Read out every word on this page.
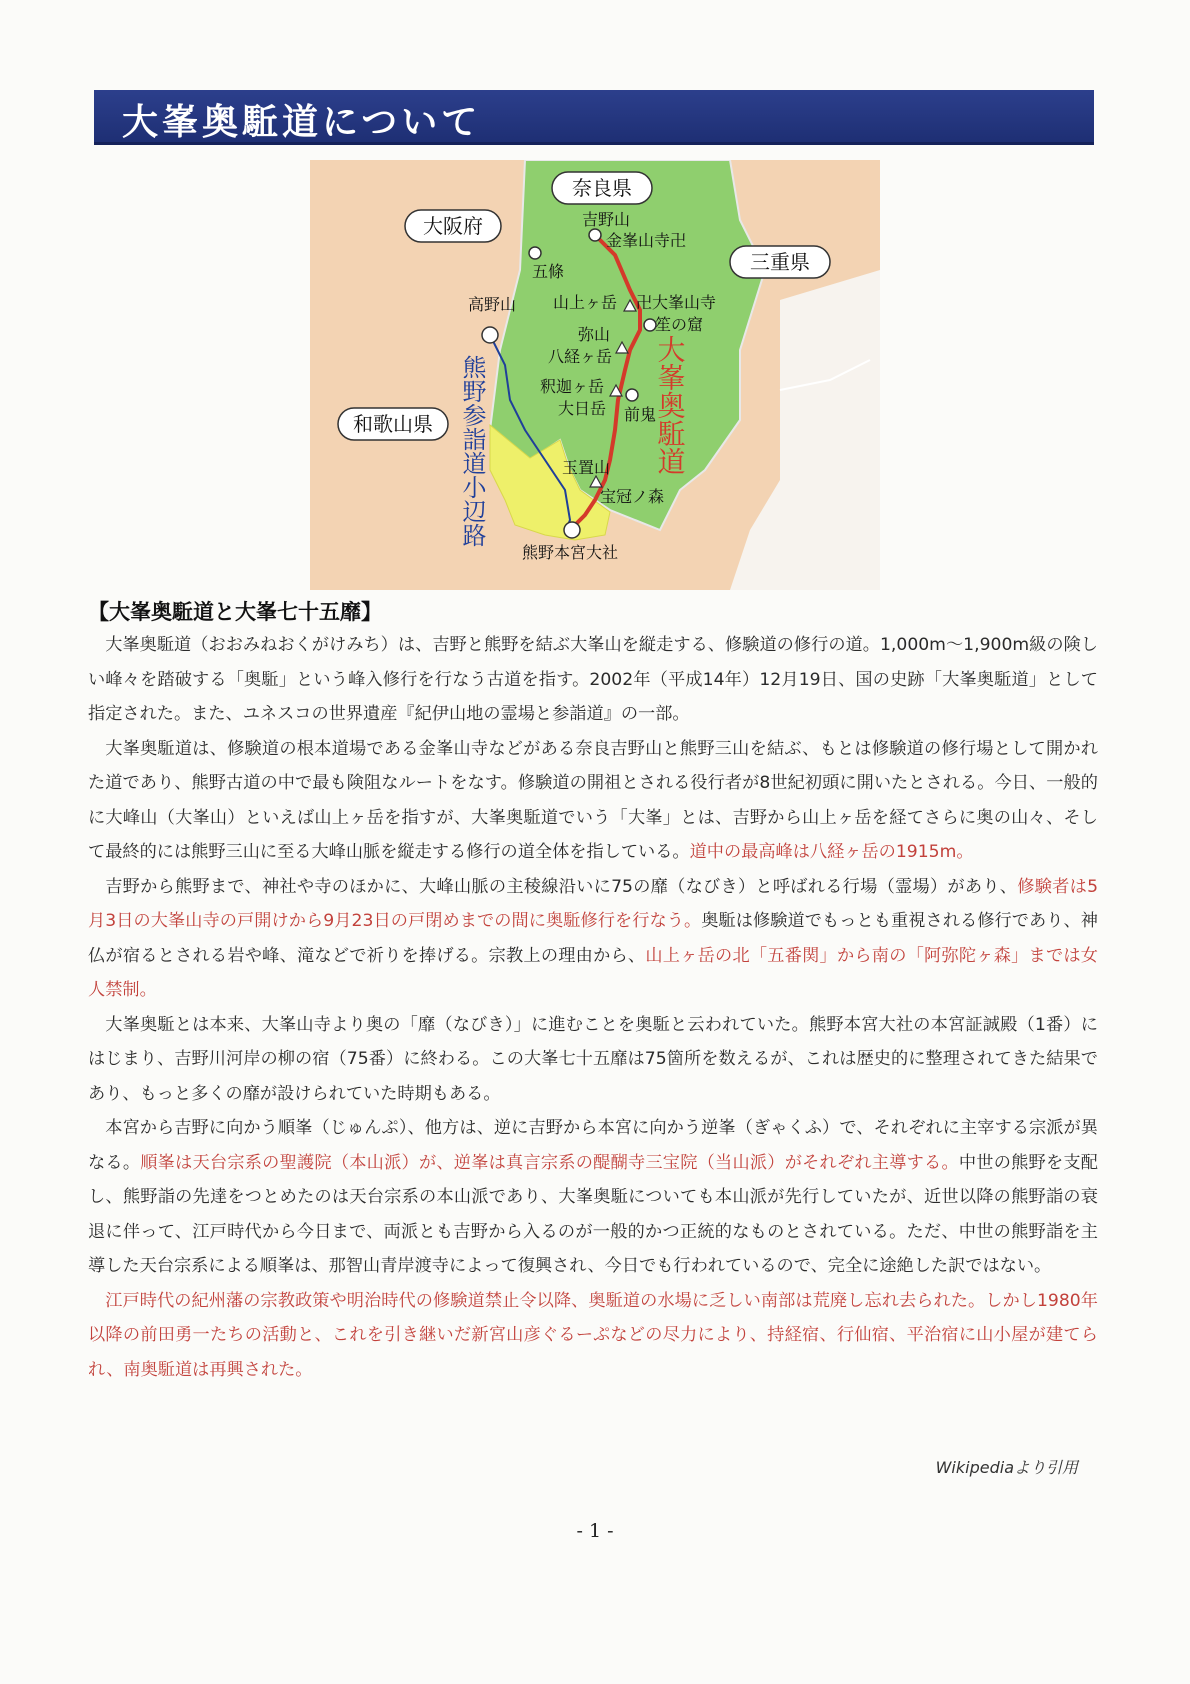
大峯奥駈道について
奈良県
大阪府
三重県
和歌山県
吉野山
金峯山寺卍
五條
山上ヶ岳 卍大峯山寺
笙の窟
高野山
弥山
八経ヶ岳
釈迦ヶ岳
大日岳 前鬼
玉置山
宝冠ノ森
熊野本宮大社
大峯奥駈道
熊野参詣道小辺路
【大峯奥駈道と大峯七十五靡】

大峯奥駈道（おおみねおくがけみち）は、吉野と熊野を結ぶ大峯山を縦走する、修験道の修行の道。1,000m～1,900m級の険しい峰々を踏破する「奥駈」という峰入修行を行なう古道を指す。2002年（平成14年）12月19日、国の史跡「大峯奥駈道」として指定された。また、ユネスコの世界遺産『紀伊山地の霊場と参詣道』の一部。

大峯奥駈道は、修験道の根本道場である金峯山寺などがある奈良吉野山と熊野三山を結ぶ、もとは修験道の修行場として開かれた道であり、熊野古道の中で最も険阻なルートをなす。修験道の開祖とされる役行者が8世紀初頭に開いたとされる。今日、一般的に大峰山（大峯山）といえば山上ヶ岳を指すが、大峯奥駈道でいう「大峯」とは、吉野から山上ヶ岳を経てさらに奥の山々、そして最終的には熊野三山に至る大峰山脈を縦走する修行の道全体を指している。道中の最高峰は八経ヶ岳の1915m。

吉野から熊野まで、神社や寺のほかに、大峰山脈の主稜線沿いに75の靡（なびき）と呼ばれる行場（霊場）があり、修験者は5月3日の大峯山寺の戸開けから9月23日の戸閉めまでの間に奥駈修行を行なう。奥駈は修験道でもっとも重視される修行であり、神仏が宿るとされる岩や峰、滝などで祈りを捧げる。宗教上の理由から、山上ヶ岳の北「五番関」から南の「阿弥陀ヶ森」までは女人禁制。

大峯奥駈とは本来、大峯山寺より奥の「靡（なびき）」に進むことを奥駈と云われていた。熊野本宮大社の本宮証誠殿（1番）にはじまり、吉野川河岸の柳の宿（75番）に終わる。この大峯七十五靡は75箇所を数えるが、これは歴史的に整理されてきた結果であり、もっと多くの靡が設けられていた時期もある。

本宮から吉野に向かう順峯（じゅんぷ）、他方は、逆に吉野から本宮に向かう逆峯（ぎゃくふ）で、それぞれに主宰する宗派が異なる。順峯は天台宗系の聖護院（本山派）が、逆峯は真言宗系の醍醐寺三宝院（当山派）がそれぞれ主導する。中世の熊野を支配し、熊野詣の先達をつとめたのは天台宗系の本山派であり、大峯奥駈についても本山派が先行していたが、近世以降の熊野詣の衰退に伴って、江戸時代から今日まで、両派とも吉野から入るのが一般的かつ正統的なものとされている。ただ、中世の熊野詣を主導した天台宗系による順峯は、那智山青岸渡寺によって復興され、今日でも行われているので、完全に途絶した訳ではない。

江戸時代の紀州藩の宗教政策や明治時代の修験道禁止令以降、奥駈道の水場に乏しい南部は荒廃し忘れ去られた。しかし1980年以降の前田勇一たちの活動と、これを引き継いだ新宮山彦ぐるーぷなどの尽力により、持経宿、行仙宿、平治宿に山小屋が建てられ、南奥駈道は再興された。

Wikipediaより引用
- 1 -
